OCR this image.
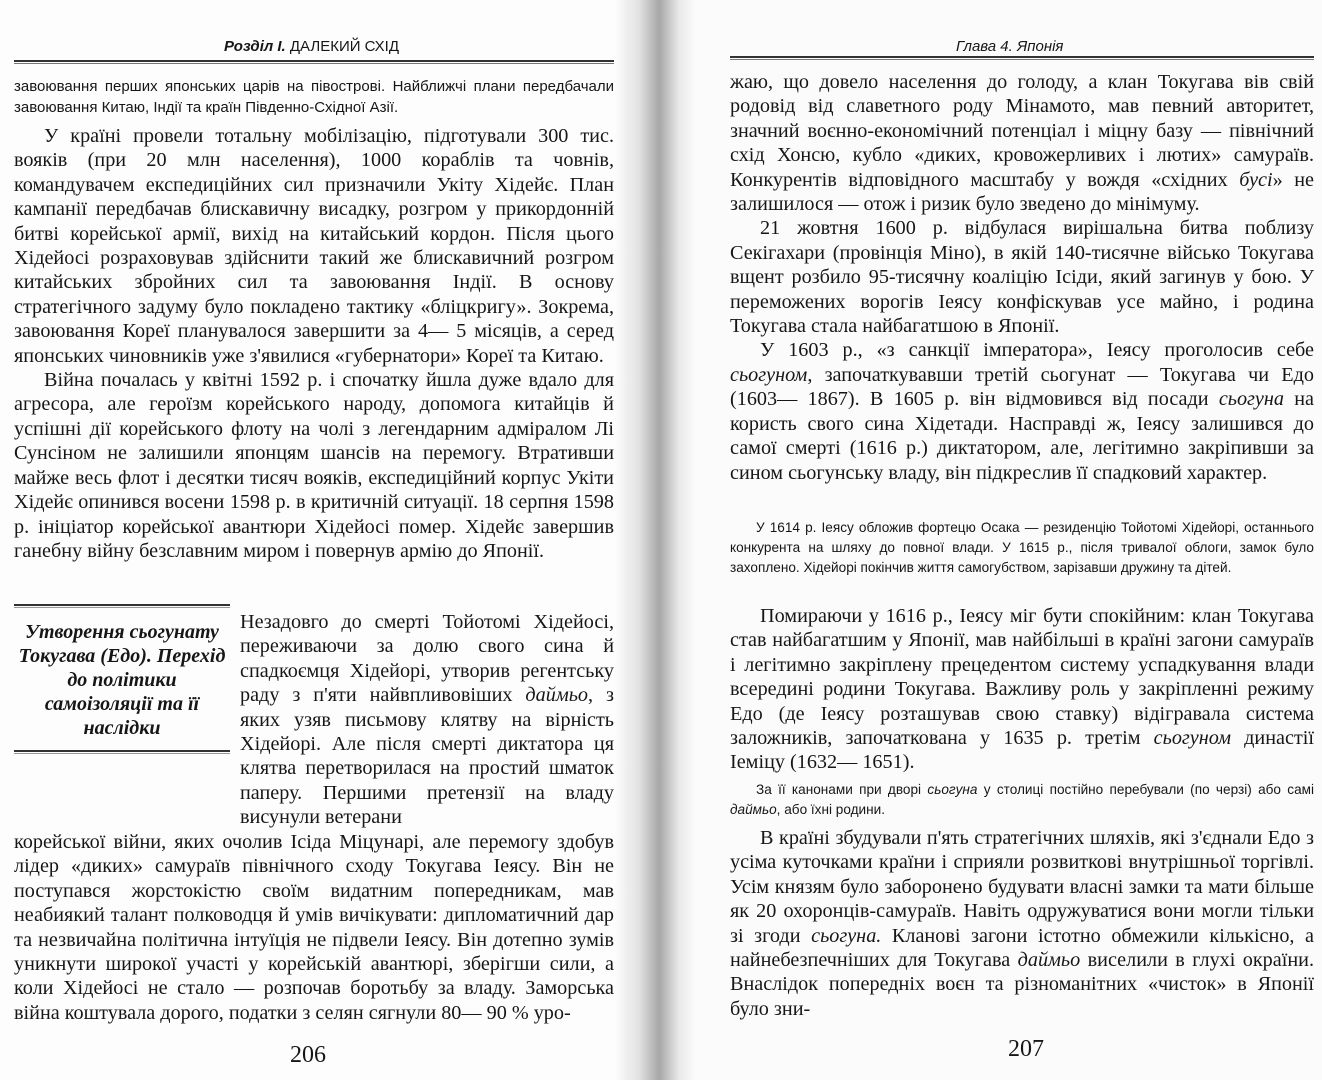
Розділ І. ДАЛЕКИЙ СХІД

завоювання перших японських царів на півострові. Найближчі плани передбачали завоювання Китаю, Індії та країн Південно-Східної Азії.

У країні провели тотальну мобілізацію, підготували 300 тис. вояків (при 20 млн населення), 1000 кораблів та човнів, командувачем експедиційних сил призначили Укіту Хідейє. План кампанії передбачав блискавичну висадку, розгром у прикордонній битві корейської армії, вихід на китайський кордон. Після цього Хідейосі розраховував здійснити такий же блискавичний розгром китайських збройних сил та завоювання Індії. В основу стратегічного задуму було покладено тактику «бліцкригу». Зокрема, завоювання Кореї планувалося завершити за 4— 5 місяців, а серед японських чиновників уже з'явилися «губернатори» Кореї та Китаю.

Війна почалась у квітні 1592 р. і спочатку йшла дуже вдало для агресора, але героїзм корейського народу, допомога китайців й успішні дії корейського флоту на чолі з легендарним адміралом Лі Сунсіном не залишили японцям шансів на перемогу. Втративши майже весь флот і десятки тисяч вояків, експедиційний корпус Укіти Хідейє опинився восени 1598 р. в критичній ситуації. 18 серпня 1598 р. ініціатор корейської авантюри Хідейосі помер. Хідейє завершив ганебну війну безславним миром і повернув армію до Японії.

Утворення сьогунату Токугава (Едо). Перехід до політики самоізоляції та її наслідки

Незадовго до смерті Тойотомі Хідейосі, переживаючи за долю свого сина й спадкоємця Хідейорі, утворив регентську раду з п'яти найвпливовіших даймьо, з яких узяв письмову клятву на вірність Хідейорі. Але після смерті диктатора ця клятва перетворилася на простий шматок паперу. Першими претензії на владу висунули ветерани

корейської війни, яких очолив Ісіда Міцунарі, але перемогу здобув лідер «диких» самураїв північного сходу Токугава Іеясу. Він не поступався жорстокістю своїм видатним попередникам, мав неабиякий талант полководця й умів вичікувати: дипломатичний дар та незвичайна політична інтуїція не підвели Іеясу. Він дотепно зумів уникнути широкої участі у корейській авантюрі, зберігши сили, а коли Хідейосі не стало — розпочав боротьбу за владу. Заморська війна коштувала дорого, податки з селян сягнули 80— 90 % уро-

206
Глава 4. Японія

жаю, що довело населення до голоду, а клан Токугава вів свій родовід від славетного роду Мінамото, мав певний авторитет, значний воєнно-економічний потенціал і міцну базу — північний схід Хонсю, кубло «диких, кровожерливих і лютих» самураїв. Конкурентів відповідного масштабу у вождя «східних буcі» не залишилося — отож і ризик було зведено до мінімуму.

21 жовтня 1600 р. відбулася вирішальна битва поблизу Секігахари (провінція Міно), в якій 140-тисячне військо Токугава вщент розбило 95-тисячну коаліцію Ісіди, який загинув у бою. У переможених ворогів Іеясу конфіскував усе майно, і родина Токугава стала найбагатшою в Японії.

У 1603 р., «з санкції імператора», Іеясу проголосив себе сьогуном, започаткувавши третій сьогунат — Токугава чи Едо (1603— 1867). В 1605 р. він відмовився від посади сьогуна на користь свого сина Хідетади. Насправді ж, Іеясу залишився до самої смерті (1616 р.) диктатором, але, легітимно закріпивши за сином сьогунську владу, він підкреслив її спадковий характер.

У 1614 р. Іеясу обложив фортецю Осака — резиденцію Тойотомі Хідейорі, останнього конкурента на шляху до повної влади. У 1615 р., після тривалої облоги, замок було захоплено. Хідейорі покінчив життя самогубством, зарізавши дружину та дітей.

Помираючи у 1616 р., Іеясу міг бути спокійним: клан Токугава став найбагатшим у Японії, мав найбільші в країні загони самураїв і легітимно закріплену прецедентом систему успадкування влади всередині родини Токугава. Важливу роль у закріпленні режиму Едо (де Іеясу розташував свою ставку) відігравала система заложників, започаткована у 1635 р. третім сьогуном династії Іеміцу (1632— 1651).

За її канонами при дворі сьогуна у столиці постійно перебували (по черзі) або самі даймьо, або їхні родини.

В країні збудували п'ять стратегічних шляхів, які з'єднали Едо з усіма куточками країни і сприяли розвиткові внутрішньої торгівлі. Усім князям було заборонено будувати власні замки та мати більше як 20 охоронців-самураїв. Навіть одружуватися вони могли тільки зі згоди сьогуна. Кланові загони істотно обмежили кількісно, а найнебезпечніших для Токугава даймьо виселили в глухі окраїни. Внаслідок попередніх воєн та різноманітних «чисток» в Японії було зни-

207
